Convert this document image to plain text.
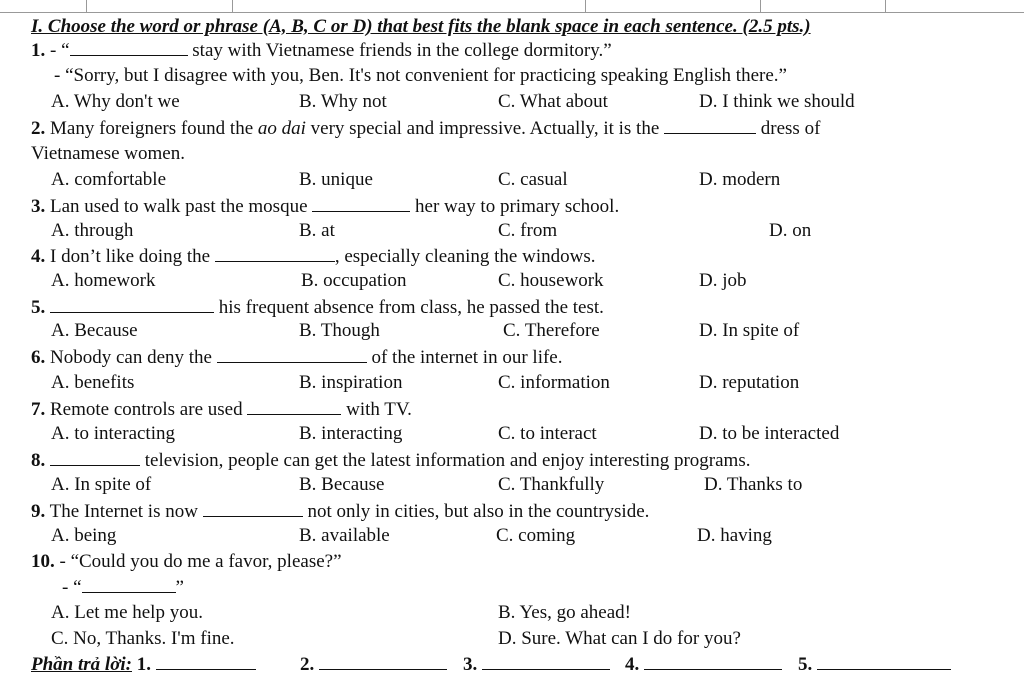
I. Choose the word or phrase (A, B, C or D) that best fits the blank space in each sentence. (2.5 pts.)
1. - “	stay with Vietnamese friends in the college dormitory.”
- “Sorry, but I disagree with you, Ben. It's not convenient for practicing speaking English there.”
A. Why don't we	B. Why not	C. What about	D. I think we should
2. Many foreigners found the ao dai very special and impressive. Actually, it is the	dress of
Vietnamese women.
A. comfortable	B. unique	C. casual	D. modern
3. Lan used to walk past the mosque	her way to primary school.
A. through	B. at	C. from	D. on
4. I don’t like doing the	, especially cleaning the windows.
A. homework	B. occupation	C. housework	D. job
5.	his frequent absence from class, he passed the test.
A. Because	B. Though	C. Therefore	D. In spite of
6. Nobody can deny the	of the internet in our life.
A. benefits	B. inspiration	C. information	D. reputation
7. Remote controls are used	with TV.
A. to interacting	B. interacting	C. to interact	D. to be interacted
8.	television, people can get the latest information and enjoy interesting programs.
A. In spite of	B. Because	C. Thankfully	D. Thanks to
9. The Internet is now	not only in cities, but also in the countryside.
A. being	B. available	C. coming	D. having
10. - “Could you do me a favor, please?”
- “	”
A. Let me help you.	B. Yes, go ahead!
C. No, Thanks. I'm fine.	D. Sure. What can I do for you?
Phần trả lời: 1.	2.	3.	4.	5.
